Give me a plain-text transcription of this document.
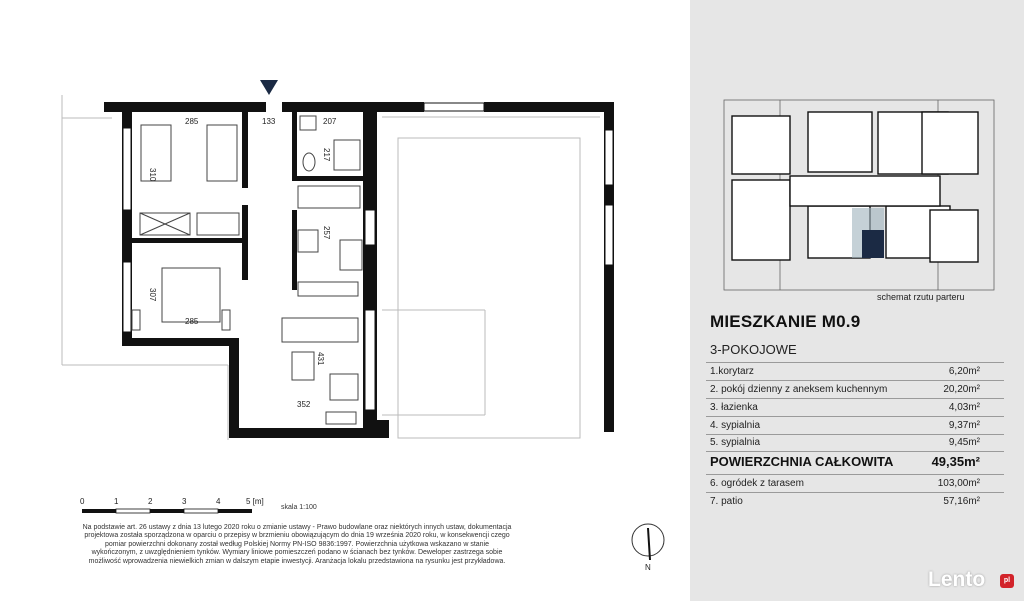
285	133	207
217
310
257
307
285
431
352
0	1	2	3	4	5 [m]
N
skala 1:100
Na podstawie art. 26 ustawy z dnia 13 lutego 2020 roku o zmianie ustawy - Prawo budowlane oraz niektórych innych ustaw, dokumentacja projektowa została sporządzona w oparciu o przepisy w brzmieniu obowiązującym do dnia 19 września 2020 roku, w konsekwencji czego pomiar powierzchni dokonany został według Polskiej Normy PN-ISO 9836:1997. Powierzchnia użytkowa wskazano w stanie wykończonym, z uwzględnieniem tynków. Wymiary liniowe pomieszczeń podano w ścianach bez tynków. Deweloper zastrzega sobie możliwość wprowadzenia niewielkich zmian w dalszym etapie inwestycji. Aranżacja lokalu przedstawiona na rysunku jest przykładowa.
schemat rzutu parteru
MIESZKANIE M0.9
3-POKOJOWE
1.korytarz	6,20m²
2. pokój dzienny z aneksem kuchennym	20,20m²
3. łazienka	4,03m²
4. sypialnia	9,37m²
5. sypialnia	9,45m²
POWIERZCHNIA CAŁKOWITA	49,35m²
6. ogródek z tarasem	103,00m²
7. patio	57,16m²
Lento	pl
